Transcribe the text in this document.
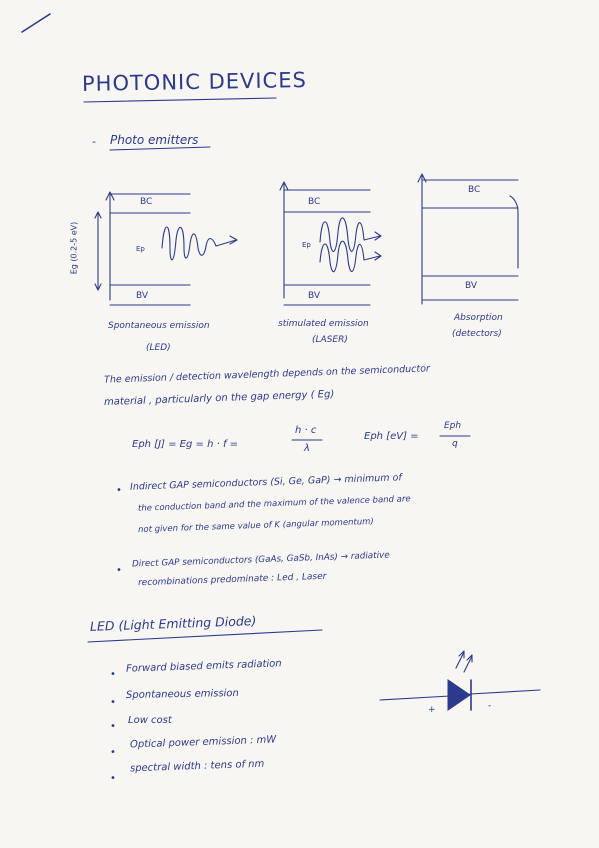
PHOTONIC DEVICES
- Photo emitters
BC
Ep
BV
Eg (0.2-5 eV)
Spontaneous emission
(LED)
BC
Ep
BV
stimulated emission
(LASER)
BC
BV
Absorption
(detectors)
The emission / detection wavelength depends on the semiconductor
material , particularly on the gap energy ( Eg)
Eph [J] = Eg = h · f =
h · c
λ
Eph [eV] =
Eph
q
• Indirect GAP semiconductors (Si, Ge, GaP) → minimum of
the conduction band and the maximum of the valence band are
not given for the same value of K (angular momentum)
•
Direct GAP semiconductors (GaAs, GaSb, InAs) → radiative
recombinations predominate : Led , Laser
LED (Light Emitting Diode)
• Forward biased emits radiation
•
Spontaneous emission
•
Low cost
•
Optical power emission : mW
•
spectral width : tens of nm
+	-
